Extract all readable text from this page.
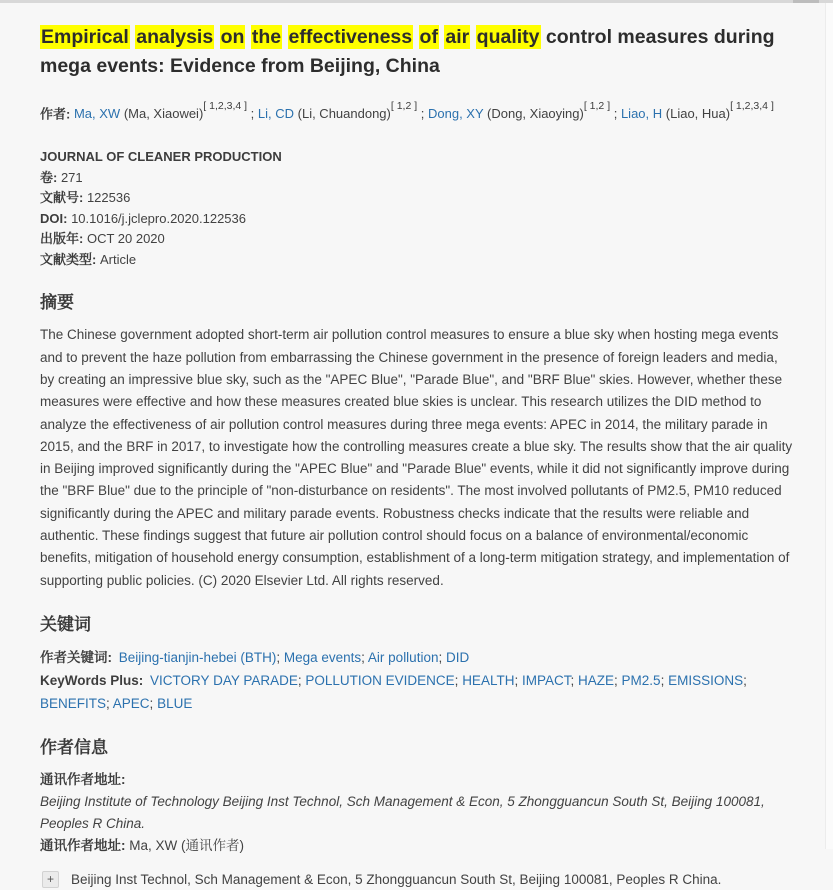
Empirical analysis on the effectiveness of air quality control measures during mega events: Evidence from Beijing, China
作者: Ma, XW (Ma, Xiaowei)[ 1,2,3,4 ] ; Li, CD (Li, Chuandong)[ 1,2 ] ; Dong, XY (Dong, Xiaoying)[ 1,2 ] ; Liao, H (Liao, Hua)[ 1,2,3,4 ]
JOURNAL OF CLEANER PRODUCTION
卷: 271
文献号: 122536
DOI: 10.1016/j.jclepro.2020.122536
出版年: OCT 20 2020
文献类型: Article
摘要

The Chinese government adopted short-term air pollution control measures to ensure a blue sky when hosting mega events and to prevent the haze pollution from embarrassing the Chinese government in the presence of foreign leaders and media, by creating an impressive blue sky, such as the "APEC Blue", "Parade Blue", and "BRF Blue" skies. However, whether these measures were effective and how these measures created blue skies is unclear. This research utilizes the DID method to analyze the effectiveness of air pollution control measures during three mega events: APEC in 2014, the military parade in 2015, and the BRF in 2017, to investigate how the controlling measures create a blue sky. The results show that the air quality in Beijing improved significantly during the "APEC Blue" and "Parade Blue" events, while it did not significantly improve during the "BRF Blue" due to the principle of "non-disturbance on residents". The most involved pollutants of PM2.5, PM10 reduced significantly during the APEC and military parade events. Robustness checks indicate that the results were reliable and authentic. These findings suggest that future air pollution control should focus on a balance of environmental/economic benefits, mitigation of household energy consumption, establishment of a long-term mitigation strategy, and implementation of supporting public policies. (C) 2020 Elsevier Ltd. All rights reserved.

关键词
作者关键词: Beijing-tianjin-hebei (BTH); Mega events; Air pollution; DID
KeyWords Plus: VICTORY DAY PARADE; POLLUTION EVIDENCE; HEALTH; IMPACT; HAZE; PM2.5; EMISSIONS; BENEFITS; APEC; BLUE
作者信息
通讯作者地址:

Beijing Institute of Technology Beijing Inst Technol, Sch Management & Econ, 5 Zhongguancun South St, Beijing 100081, Peoples R China.

通讯作者地址: Ma, XW (通讯作者)
+	Beijing Inst Technol, Sch Management & Econ, 5 Zhongguancun South St, Beijing 100081, Peoples R China.
